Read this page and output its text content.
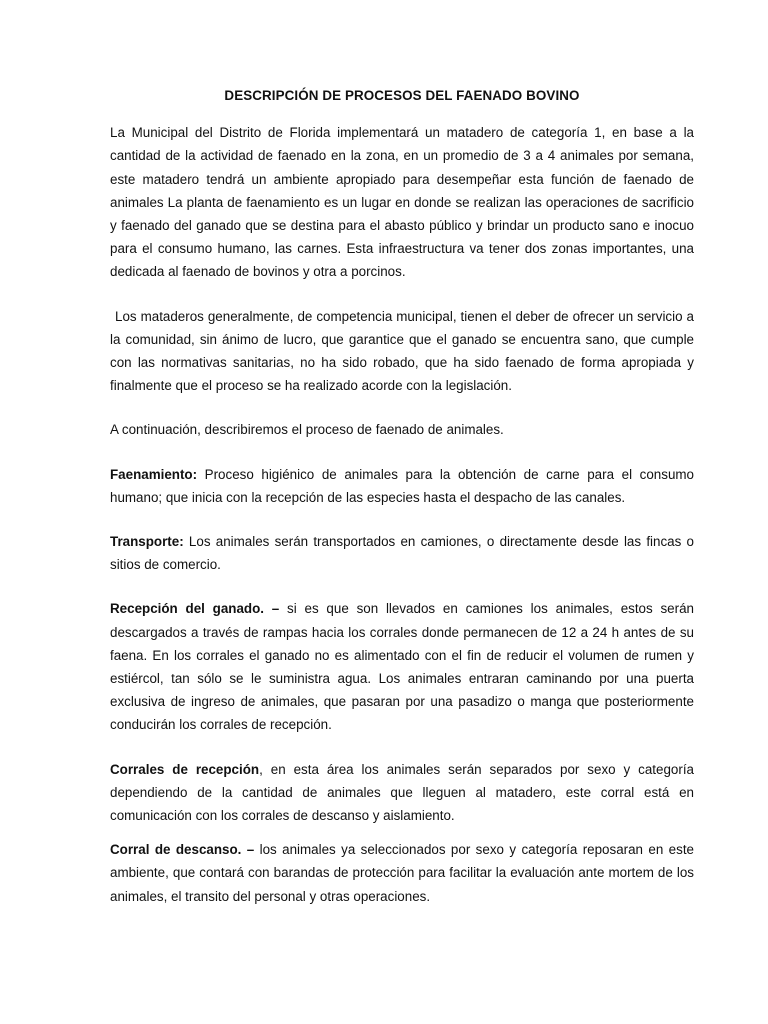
DESCRIPCIÓN DE PROCESOS DEL FAENADO BOVINO

La Municipal del Distrito de Florida implementará un matadero de categoría 1, en base a la cantidad de la actividad de faenado en la zona, en un promedio de 3 a 4 animales por semana, este matadero tendrá un ambiente apropiado para desempeñar esta función de faenado de animales La planta de faenamiento es un lugar en donde se realizan las operaciones de sacrificio y faenado del ganado que se destina para el abasto público y brindar un producto sano e inocuo para el consumo humano, las carnes. Esta infraestructura va tener dos zonas importantes, una dedicada al faenado de bovinos y otra a porcinos.

Los mataderos generalmente, de competencia municipal, tienen el deber de ofrecer un servicio a la comunidad, sin ánimo de lucro, que garantice que el ganado se encuentra sano, que cumple con las normativas sanitarias, no ha sido robado, que ha sido faenado de forma apropiada y finalmente que el proceso se ha realizado acorde con la legislación.

A continuación, describiremos el proceso de faenado de animales.

Faenamiento: Proceso higiénico de animales para la obtención de carne para el consumo humano; que inicia con la recepción de las especies hasta el despacho de las canales.

Transporte: Los animales serán transportados en camiones, o directamente desde las fincas o sitios de comercio.

Recepción del ganado. – si es que son llevados en camiones los animales, estos serán descargados a través de rampas hacia los corrales donde permanecen de 12 a 24 h antes de su faena. En los corrales el ganado no es alimentado con el fin de reducir el volumen de rumen y estiércol, tan sólo se le suministra agua. Los animales entraran caminando por una puerta exclusiva de ingreso de animales, que pasaran por una pasadizo o manga que posteriormente conducirán los corrales de recepción.

Corrales de recepción, en esta área los animales serán separados por sexo y categoría dependiendo de la cantidad de animales que lleguen al matadero, este corral está en comunicación con los corrales de descanso y aislamiento.

Corral de descanso. – los animales ya seleccionados por sexo y categoría reposaran en este ambiente, que contará con barandas de protección para facilitar la evaluación ante mortem de los animales, el transito del personal y otras operaciones.
